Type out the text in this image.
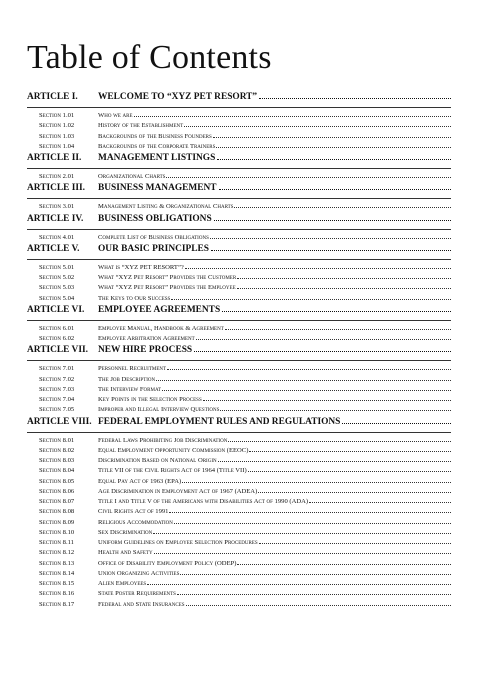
Table of Contents
ARTICLE I.	WELCOME TO “XYZ PET RESORT”
Section 1.01	Who we are
Section 1.02	History of the Establishment
Section 1.03	Backgrounds of the Business Founders
Section 1.04	Backgrounds of the Corporate Trainers
ARTICLE II.	MANAGEMENT LISTINGS
Section 2.01	Organizational Charts
ARTICLE III.	BUSINESS MANAGEMENT
Section 3.01	Management Listing & Organizational Charts
ARTICLE IV.	BUSINESS OBLIGATIONS
Section 4.01	Complete List of Business Obligations
ARTICLE V.	OUR BASIC PRINCIPLES
Section 5.01	What is “XYZ PET RESORT”?
Section 5.02	What “XYZ Pet Resort” Provides the Customer
Section 5.03	What “XYZ Pet Resort” Provides the Employee
Section 5.04	The Keys to Our Success
ARTICLE VI.	EMPLOYEE AGREEMENTS
Section 6.01	Employee Manual, Handbook & Agreement
Section 6.02	Employee Arbitration Agreement
ARTICLE VII.	NEW HIRE PROCESS
Section 7.01	Personnel Recruitment
Section 7.02	The Job Description
Section 7.03	The Interview Format
Section 7.04	Key Points in the Selection Process
Section 7.05	Improper and Illegal Interview Questions
ARTICLE VIII. FEDERAL EMPLOYMENT RULES AND REGULATIONS
Section 8.01	Federal Laws Prohibiting Job Discrimination
Section 8.02	Equal Employment Opportunity Commission (EEOC)
Section 8.03	Discrimination Based on National Origin
Section 8.04	Title VII of the Civil Rights Act of 1964 (Title VII)
Section 8.05	Equal Pay Act of 1963 (EPA)
Section 8.06	Age Discrimination in Employment Act of 1967 (ADEA)
Section 8.07	Title I and Title V of the Americans with Disabilities Act of 1990 (ADA)
Section 8.08	Civil Rights Act of 1991
Section 8.09	Religious Accommodation
Section 8.10	Sex Discrimination
Section 8.11	Uniform Guidelines on Employee Selection Procedures
Section 8.12	Health and Safety
Section 8.13	Office of Disability Employment Policy (ODEP)
Section 8.14	Union Organizing Activities
Section 8.15	Alien Employees
Section 8.16	State Poster Requirements
Section 8.17	Federal and State Insurances
